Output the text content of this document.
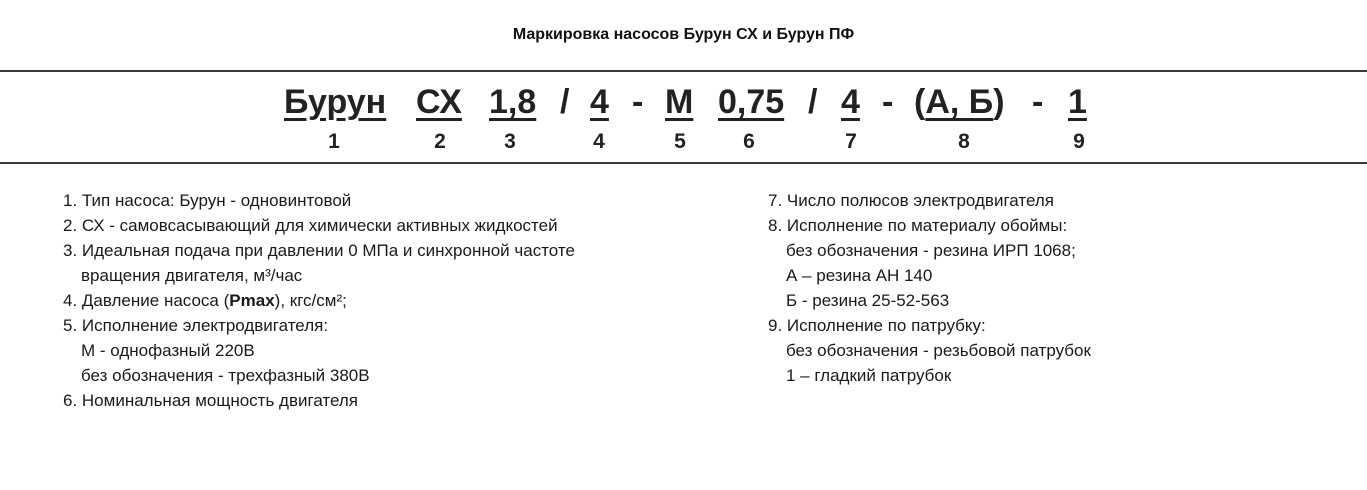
Маркировка насосов Бурун СХ и Бурун ПФ
Бурун СХ 1,8 / 4 - М 0,75 / 4 - (А, Б) - 1
1	2	3	4	5	6	7	8	9
1. Тип насоса: Бурун - одновинтовой
2. СХ - самовсасывающий для химически активных жидкостей
3. Идеальная подача при давлении 0 МПа и синхронной частоте
вращения двигателя, м³/час
4. Давление насоса (Pmax), кгс/см²;
5. Исполнение электродвигателя:
М - однофазный 220В
без обозначения - трехфазный 380В
6. Номинальная мощность двигателя
7. Число полюсов электродвигателя
8. Исполнение по материалу обоймы:
без обозначения - резина ИРП 1068;
А – резина АН 140
Б - резина 25-52-563
9. Исполнение по патрубку:
без обозначения - резьбовой патрубок
1 – гладкий патрубок
